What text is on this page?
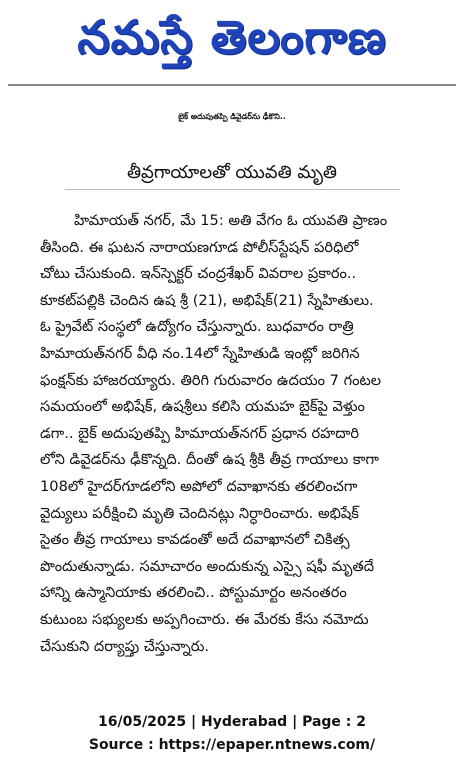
నమస్తే తెలంగాణ
బైక్ అదుపుతప్పి డివైడర్‌ను ఢీకొని..
తీవ్రగాయాలతో యువతి మృతి
హిమాయత్ నగర్, మే 15: అతి వేగం ఓ యువతి ప్రాణం
తీసింది. ఈ ఘటన నారాయణగూడ పోలీస్‌స్టేషన్ పరిధిలో
చోటు చేసుకుంది. ఇన్‌స్పెక్టర్ చంద్రశేఖర్ వివరాల ప్రకారం..
కూకట్‌పల్లికి చెందిన ఉష శ్రీ (21), అభిషేక్(21) స్నేహితులు.
ఓ ప్రైవేట్ సంస్థలో ఉద్యోగం చేస్తున్నారు. బుధవారం రాత్రి
హిమాయత్‌నగర్ వీధి నం.14లో స్నేహితుడి ఇంట్లో జరిగిన
ఫంక్షన్‌కు హాజరయ్యారు. తిరిగి గురువారం ఉదయం 7 గంటల
సమయంలో అభిషేక్, ఉషశ్రీలు కలిసి యమహ బైక్‌పై వెళ్తుం
డగా.. బైక్ అదుపుతప్పి హిమాయత్‌నగర్ ప్రధాన రహదారి
లోని డివైడర్‌ను ఢీకొన్నది. దీంతో ఉష శ్రీకి తీవ్ర గాయాలు కాగా
108లో హైదర్‌గూడలోని అపోలో దవాఖానకు తరలించగా
వైద్యులు పరీక్షించి మృతి చెందినట్లు నిర్ధారించారు. అభిషేక్
సైతం తీవ్ర గాయాలు కావడంతో అదే దవాఖానలో చికిత్స
పొందుతున్నాడు. సమాచారం అందుకున్న ఎస్సై షఫీ మృతదే
హాన్ని ఉస్మానియాకు తరలించి.. పోస్టుమార్టం అనంతరం
కుటుంబ సభ్యులకు అప్పగించారు. ఈ మేరకు కేసు నమోదు
చేసుకుని దర్యాప్తు చేస్తున్నారు.
16/05/2025 | Hyderabad | Page : 2
Source : https://epaper.ntnews.com/
